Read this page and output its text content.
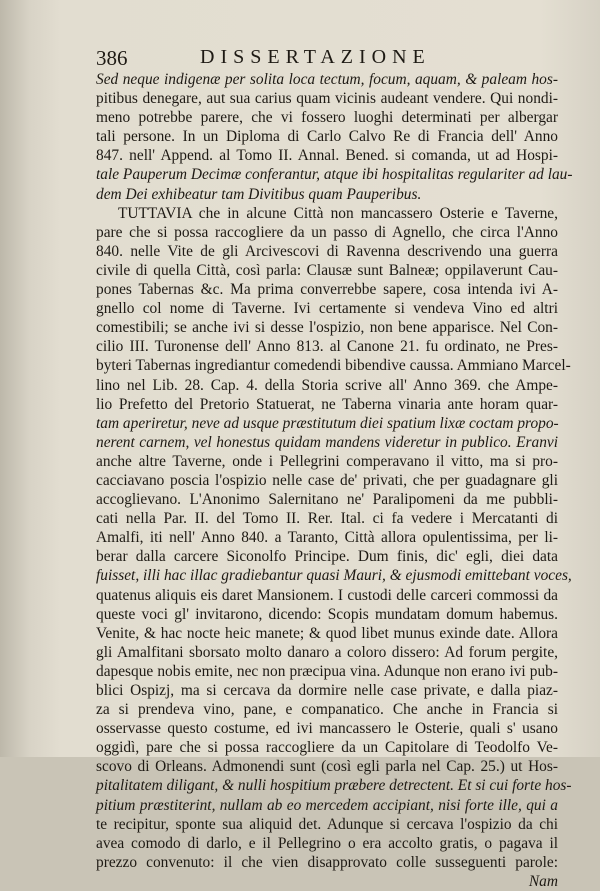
386	DISSERTAZIONE
Sed neque indigenæ per solita loca tectum, focum, aquam, & paleam hos-
pitibus denegare, aut sua carius quam vicinis audeant vendere. Qui nondi-
meno potrebbe parere, che vi fossero luoghi determinati per albergar
tali persone. In un Diploma di Carlo Calvo Re di Francia dell' Anno
847. nell' Append. al Tomo II. Annal. Bened. si comanda, ut ad Hospi-
tale Pauperum Decimæ conferantur, atque ibi hospitalitas regulariter ad lau-
dem Dei exhibeatur tam Divitibus quam Pauperibus.
TUTTAVIA che in alcune Città non mancassero Osterie e Taverne,
pare che si possa raccogliere da un passo di Agnello, che circa l'Anno
840. nelle Vite de gli Arcivescovi di Ravenna descrivendo una guerra
civile di quella Città, così parla: Clausæ sunt Balneæ; oppilaverunt Cau-
pones Tabernas &c. Ma prima converrebbe sapere, cosa intenda ivi A-
gnello col nome di Taverne. Ivi certamente si vendeva Vino ed altri
comestibili; se anche ivi si desse l'ospizio, non bene apparisce. Nel Con-
cilio III. Turonense dell' Anno 813. al Canone 21. fu ordinato, ne Pres-
byteri Tabernas ingrediantur comedendi bibendive caussa. Ammiano Marcel-
lino nel Lib. 28. Cap. 4. della Storia scrive all' Anno 369. che Ampe-
lio Prefetto del Pretorio Statuerat, ne Taberna vinaria ante horam quar-
tam aperiretur, neve ad usque præstitutum diei spatium lixæ coctam propo-
nerent carnem, vel honestus quidam mandens videretur in publico. Eranvi
anche altre Taverne, onde i Pellegrini comperavano il vitto, ma si pro-
cacciavano poscia l'ospizio nelle case de' privati, che per guadagnare gli
accoglievano. L'Anonimo Salernitano ne' Paralipomeni da me pubbli-
cati nella Par. II. del Tomo II. Rer. Ital. ci fa vedere i Mercatanti di
Amalfi, iti nell' Anno 840. a Taranto, Città allora opulentissima, per li-
berar dalla carcere Siconolfo Principe. Dum finis, dic' egli, diei data
fuisset, illi hac illac gradiebantur quasi Mauri, & ejusmodi emittebant voces,
quatenus aliquis eis daret Mansionem. I custodi delle carceri commossi da
queste voci gl' invitarono, dicendo: Scopis mundatam domum habemus.
Venite, & hac nocte heic manete; & quod libet munus exinde date. Allora
gli Amalfitani sborsato molto danaro a coloro dissero: Ad forum pergite,
dapesque nobis emite, nec non præcipua vina. Adunque non erano ivi pub-
blici Ospizj, ma si cercava da dormire nelle case private, e dalla piaz-
za si prendeva vino, pane, e companatico. Che anche in Francia si
osservasse questo costume, ed ivi mancassero le Osterie, quali s' usano
oggidì, pare che si possa raccogliere da un Capitolare di Teodolfo Ve-
scovo di Orleans. Admonendi sunt (così egli parla nel Cap. 25.) ut Hos-
pitalitatem diligant, & nulli hospitium præbere detrectent. Et si cui forte hos-
pitium præstiterint, nullam ab eo mercedem accipiant, nisi forte ille, qui a
te recipitur, sponte sua aliquid det. Adunque si cercava l'ospizio da chi
avea comodo di darlo, e il Pellegrino o era accolto gratis, o pagava il
prezzo convenuto: il che vien disapprovato colle susseguenti parole:
Nam
